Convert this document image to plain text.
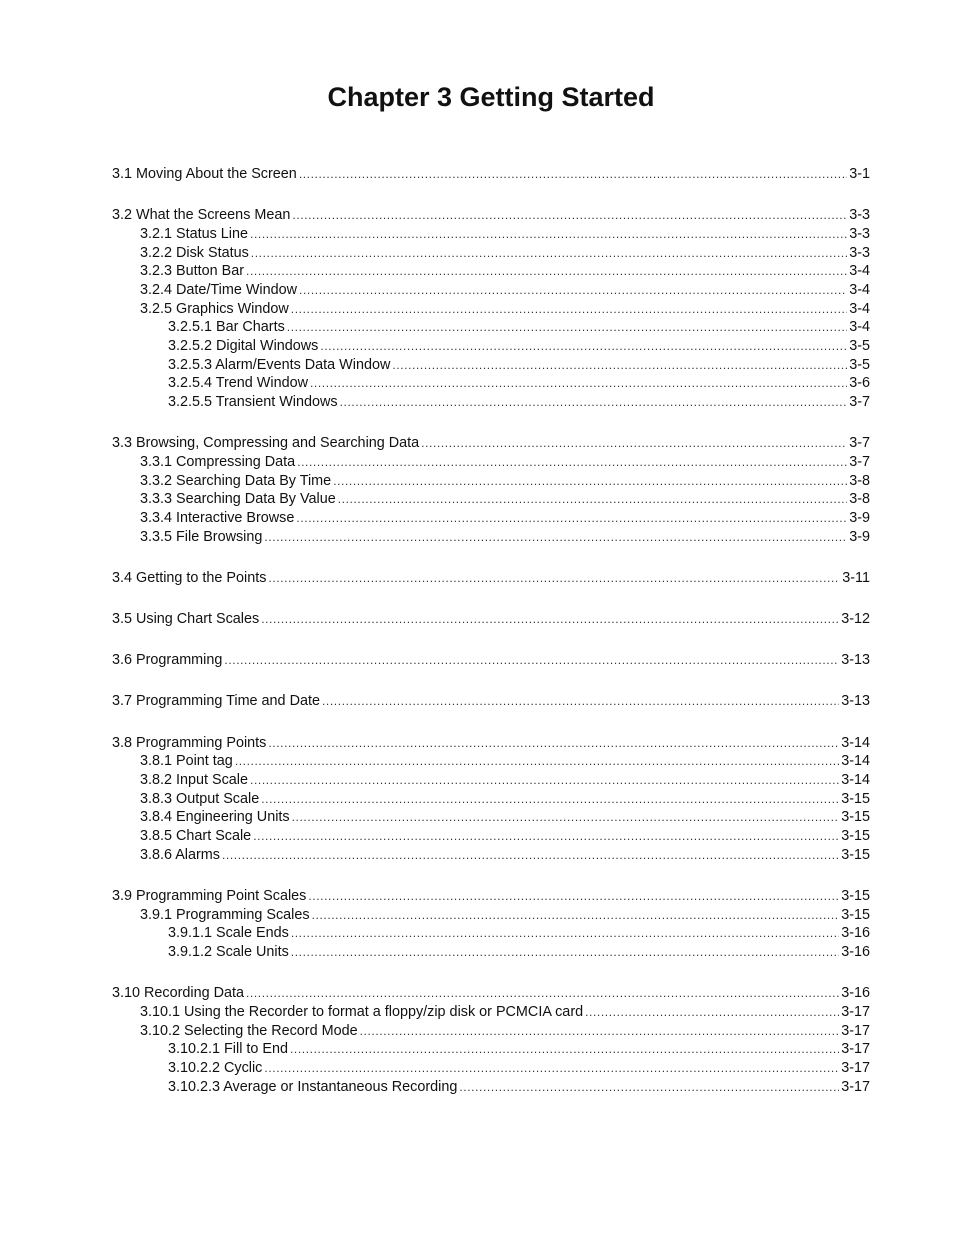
Chapter 3 Getting Started
3.1 Moving About the Screen .....	3-1
3.2 What the Screens Mean .....	3-3
3.2.1 Status Line .....	3-3
3.2.2 Disk Status .....	3-3
3.2.3 Button Bar .....	3-4
3.2.4 Date/Time Window .....	3-4
3.2.5 Graphics Window .....	3-4
3.2.5.1 Bar Charts .....	3-4
3.2.5.2 Digital Windows .....	3-5
3.2.5.3 Alarm/Events Data Window .....	3-5
3.2.5.4 Trend Window .....	3-6
3.2.5.5 Transient Windows .....	3-7
3.3 Browsing, Compressing and Searching Data .....	3-7
3.3.1 Compressing Data .....	3-7
3.3.2 Searching Data By Time .....	3-8
3.3.3 Searching Data By Value .....	3-8
3.3.4 Interactive Browse .....	3-9
3.3.5 File Browsing .....	3-9
3.4 Getting to the Points .....	3-11
3.5 Using Chart Scales .....	3-12
3.6 Programming .....	3-13
3.7 Programming Time and Date .....	3-13
3.8 Programming Points .....	3-14
3.8.1 Point tag .....	3-14
3.8.2 Input Scale .....	3-14
3.8.3 Output Scale .....	3-15
3.8.4 Engineering Units .....	3-15
3.8.5 Chart Scale .....	3-15
3.8.6 Alarms .....	3-15
3.9 Programming Point Scales .....	3-15
3.9.1 Programming Scales .....	3-15
3.9.1.1 Scale Ends .....	3-16
3.9.1.2 Scale Units .....	3-16
3.10 Recording Data .....	3-16
3.10.1 Using the Recorder to format a floppy/zip disk or PCMCIA card .....	3-17
3.10.2 Selecting the Record Mode .....	3-17
3.10.2.1 Fill to End .....	3-17
3.10.2.2 Cyclic .....	3-17
3.10.2.3 Average or Instantaneous Recording .....	3-17
